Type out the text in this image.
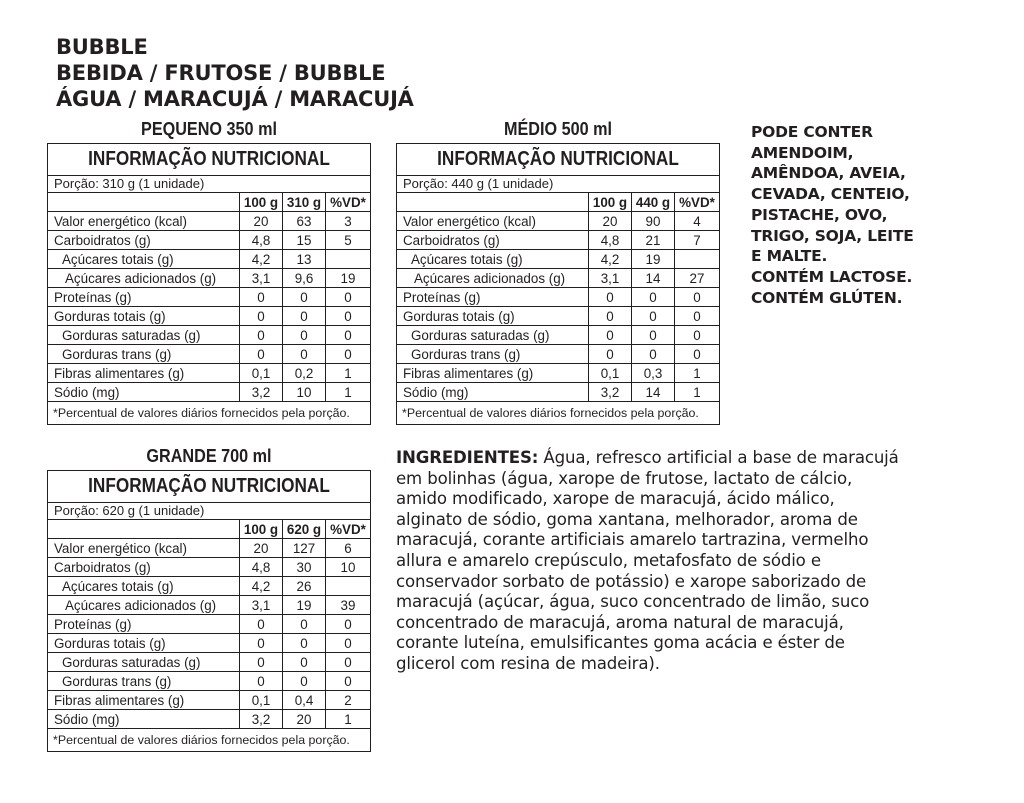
BUBBLE
BEBIDA / FRUTOSE / BUBBLE
ÁGUA / MARACUJÁ / MARACUJÁ
PEQUENO 350 ml
INFORMAÇÃO NUTRICIONAL
Porção: 310 g (1 unidade)
	100 g	310 g	%VD*
Valor energético (kcal)	20	63	3
Carboidratos (g)	4,8	15	5
Açúcares totais (g)	4,2	13	
Açúcares adicionados (g)	3,1	9,6	19
Proteínas (g)	0	0	0
Gorduras totais (g)	0	0	0
Gorduras saturadas (g)	0	0	0
Gorduras trans (g)	0	0	0
Fibras alimentares (g)	0,1	0,2	1
Sódio (mg)	3,2	10	1
*Percentual de valores diários fornecidos pela porção.
MÉDIO 500 ml
INFORMAÇÃO NUTRICIONAL
Porção: 440 g (1 unidade)
	100 g	440 g	%VD*
Valor energético (kcal)	20	90	4
Carboidratos (g)	4,8	21	7
Açúcares totais (g)	4,2	19	
Açúcares adicionados (g)	3,1	14	27
Proteínas (g)	0	0	0
Gorduras totais (g)	0	0	0
Gorduras saturadas (g)	0	0	0
Gorduras trans (g)	0	0	0
Fibras alimentares (g)	0,1	0,3	1
Sódio (mg)	3,2	14	1
*Percentual de valores diários fornecidos pela porção.
GRANDE 700 ml
INFORMAÇÃO NUTRICIONAL
Porção: 620 g (1 unidade)
	100 g	620 g	%VD*
Valor energético (kcal)	20	127	6
Carboidratos (g)	4,8	30	10
Açúcares totais (g)	4,2	26	
Açúcares adicionados (g)	3,1	19	39
Proteínas (g)	0	0	0
Gorduras totais (g)	0	0	0
Gorduras saturadas (g)	0	0	0
Gorduras trans (g)	0	0	0
Fibras alimentares (g)	0,1	0,4	2
Sódio (mg)	3,2	20	1
*Percentual de valores diários fornecidos pela porção.
PODE CONTER
AMENDOIM,
AMÊNDOA, AVEIA,
CEVADA, CENTEIO,
PISTACHE, OVO,
TRIGO, SOJA, LEITE
E MALTE.
CONTÉM LACTOSE.
CONTÉM GLÚTEN.
INGREDIENTES: Água, refresco artificial a base de maracujá
em bolinhas (água, xarope de frutose, lactato de cálcio,
amido modificado, xarope de maracujá, ácido málico,
alginato de sódio, goma xantana, melhorador, aroma de
maracujá, corante artificiais amarelo tartrazina, vermelho
allura e amarelo crepúsculo, metafosfato de sódio e
conservador sorbato de potássio) e xarope saborizado de
maracujá (açúcar, água, suco concentrado de limão, suco
concentrado de maracujá, aroma natural de maracujá,
corante luteína, emulsificantes goma acácia e éster de
glicerol com resina de madeira).
